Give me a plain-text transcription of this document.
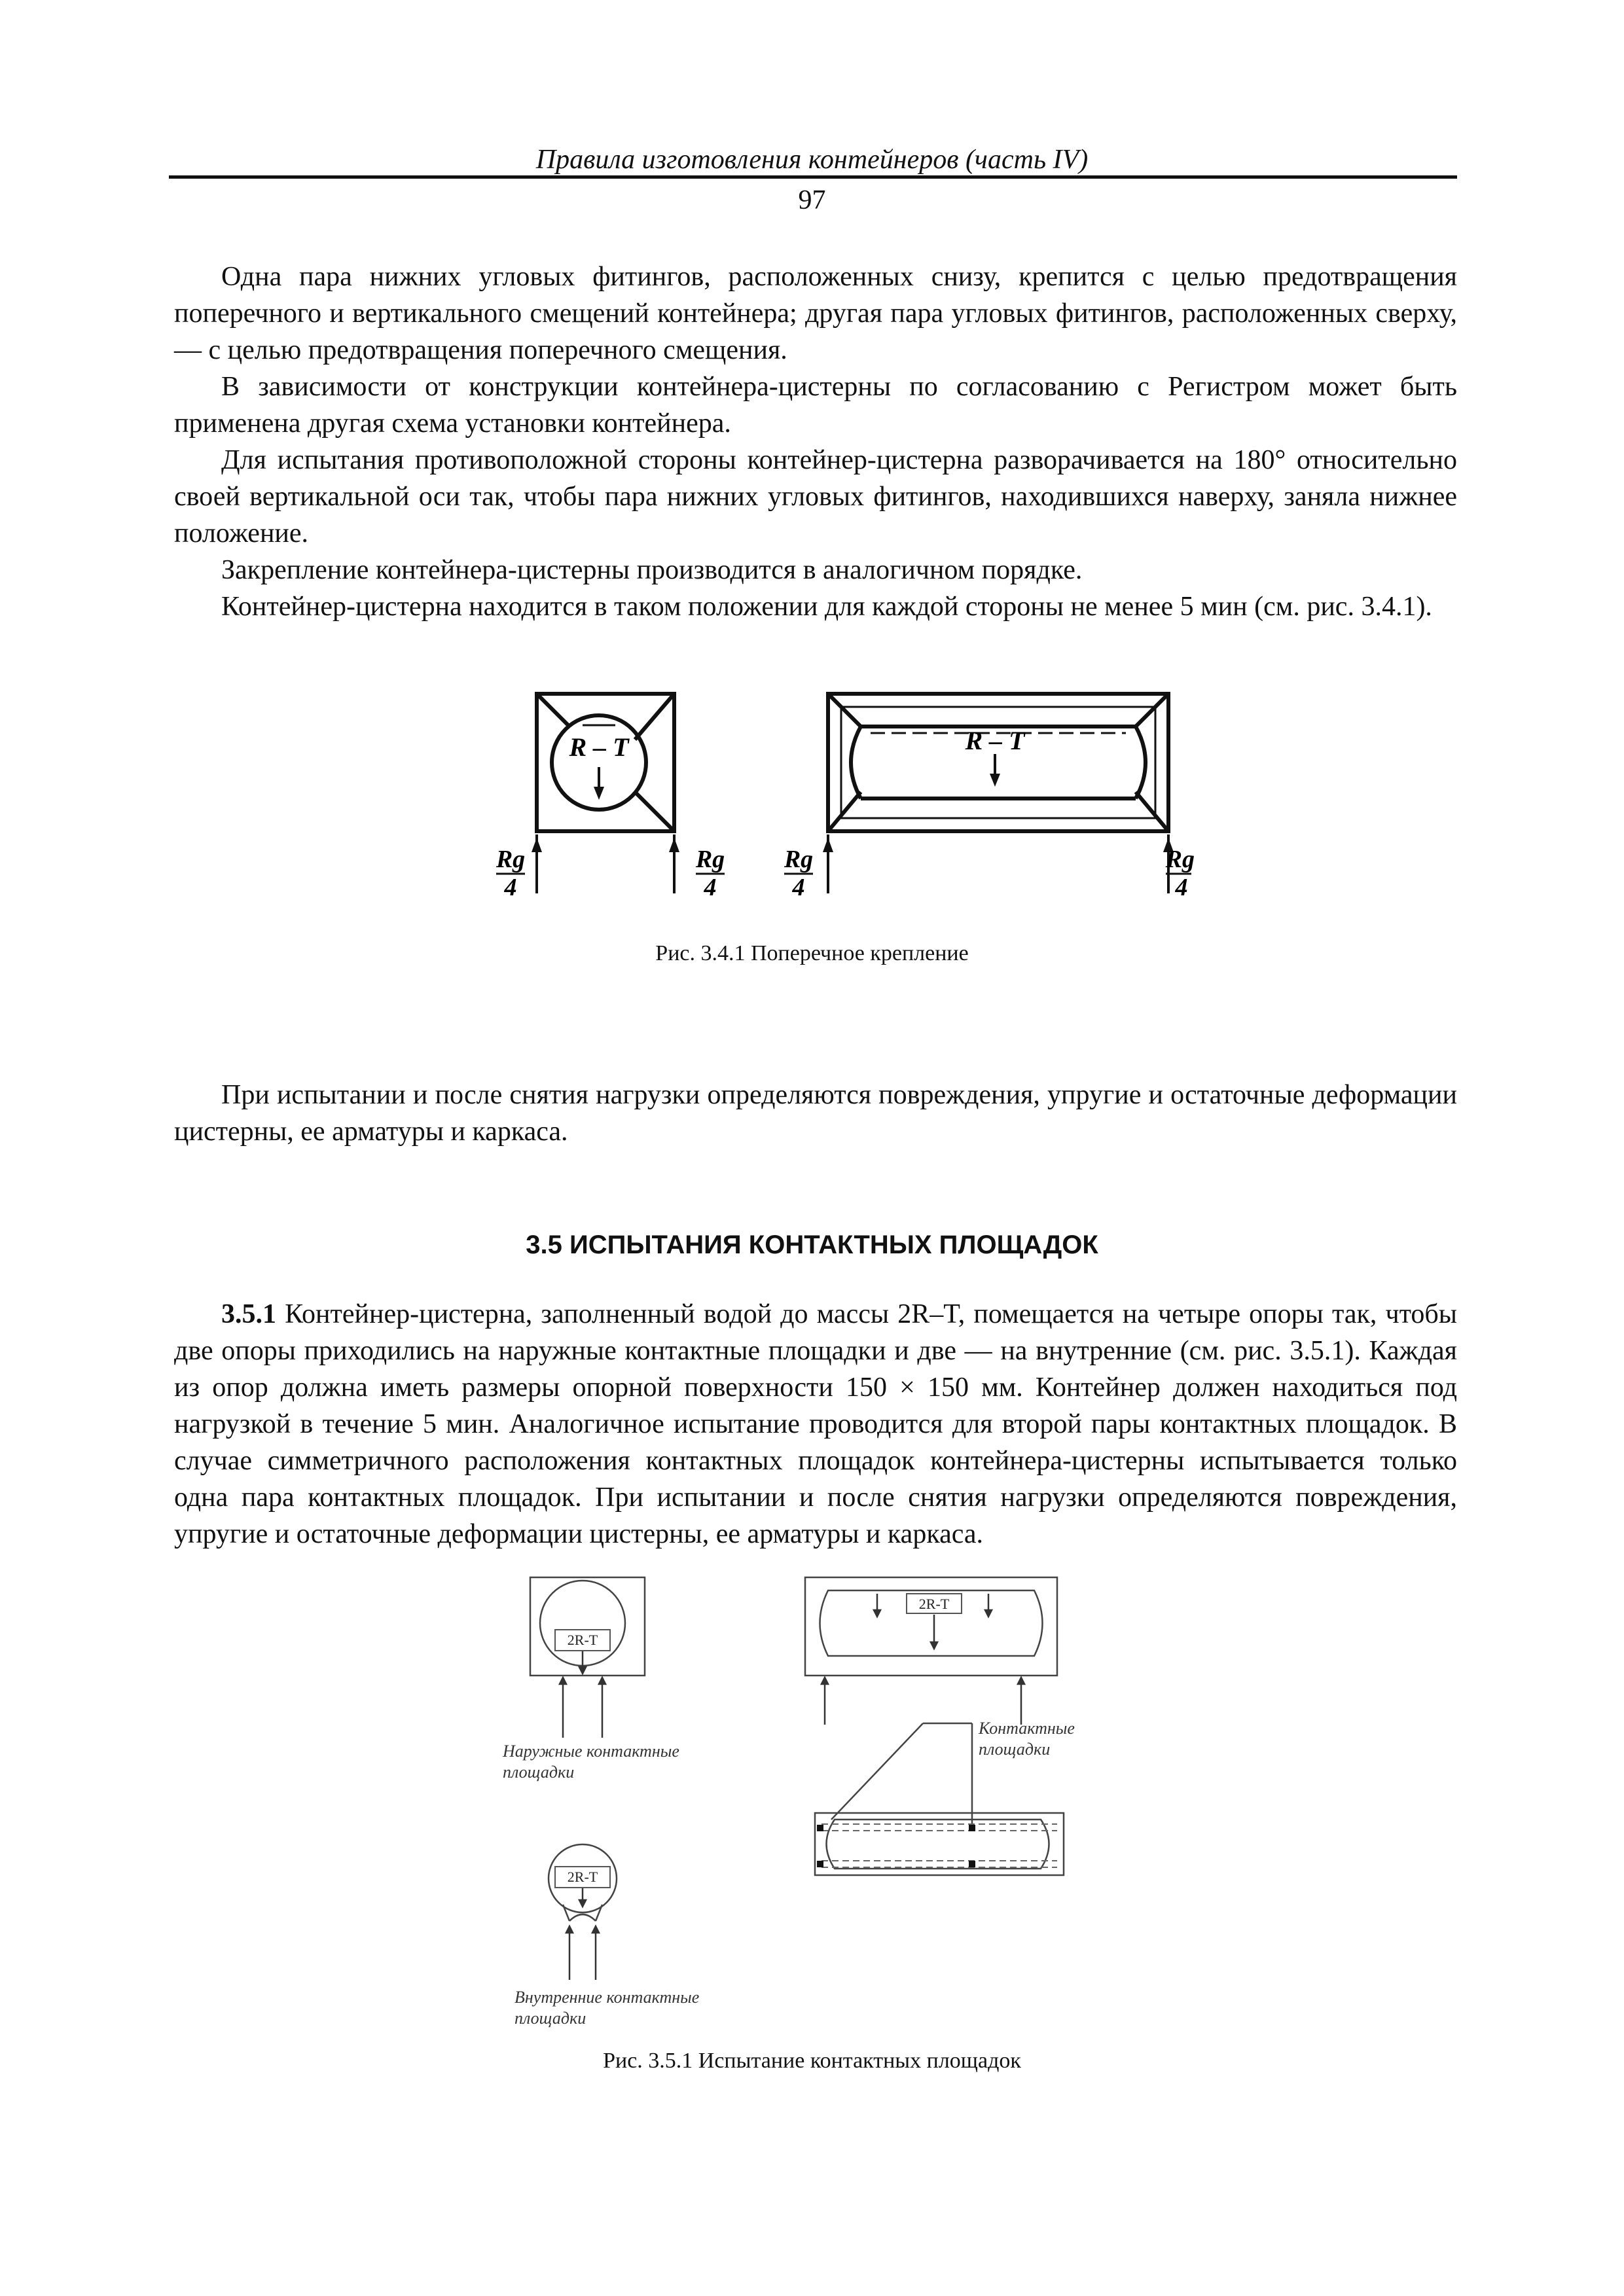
Правила изготовления контейнеров (часть IV)
97

Одна пара нижних угловых фитингов, расположенных снизу, крепится с целью предотвращения поперечного и вертикального смещений контейнера; другая пара угловых фитингов, расположенных сверху, — с целью предотвращения поперечного смещения.

В зависимости от конструкции контейнера-цистерны по согласованию с Регистром может быть применена другая схема установки контейнера.

Для испытания противоположной стороны контейнер-цистерна разворачивается на 180° относительно своей вертикальной оси так, чтобы пара нижних угловых фитингов, находившихся наверху, заняла нижнее положение.

Закрепление контейнера-цистерны производится в аналогичном порядке.

Контейнер-цистерна находится в таком положении для каждой стороны не менее 5 мин (см. рис. 3.4.1).

R – T	R – T
Rg
4
Rg
4
Rg
4
Rg
4
Рис. 3.4.1 Поперечное крепление

При испытании и после снятия нагрузки определяются повреждения, упругие и остаточные деформации цистерны, ее арматуры и каркаса.

3.5 ИСПЫТАНИЯ КОНТАКТНЫХ ПЛОЩАДОК

3.5.1 Контейнер-цистерна, заполненный водой до массы 2R–T, помещается на четыре опоры так, чтобы две опоры приходились на наружные контактные площадки и две — на внутренние (см. рис. 3.5.1). Каждая из опор должна иметь размеры опорной поверхности 150 × 150 мм. Контейнер должен находиться под нагрузкой в течение 5 мин. Аналогичное испытание проводится для второй пары контактных площадок. В случае симметричного расположения контактных площадок контейнера-цистерны испытывается только одна пара контактных площадок. При испытании и после снятия нагрузки определяются повреждения, упругие и остаточные деформации цистерны, ее арматуры и каркаса.

2R-T
2R-T
2R-T
Наружные контактные площадки
Контактные площадки
Внутренние контактные площадки
Рис. 3.5.1 Испытание контактных площадок
